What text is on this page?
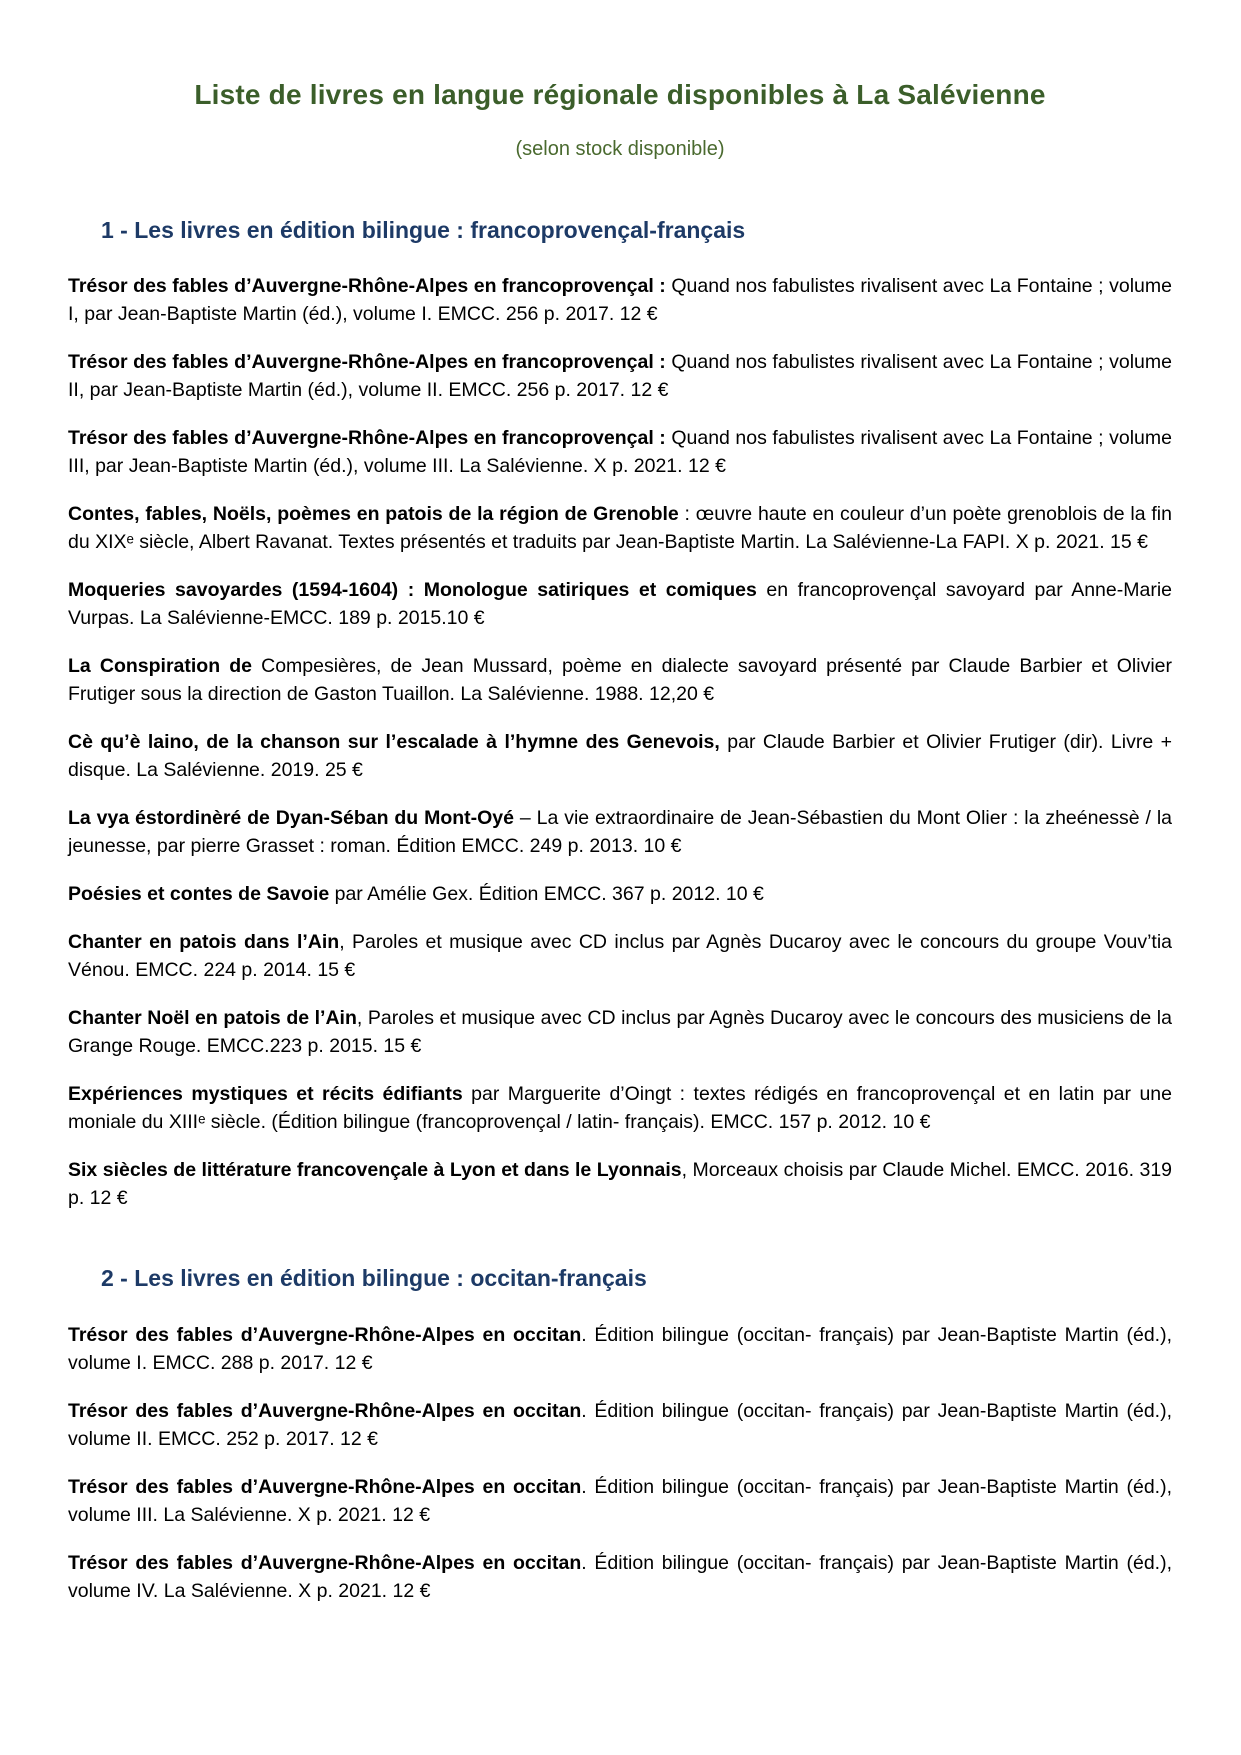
Liste de livres en langue régionale disponibles à La Salévienne
(selon stock disponible)
1 - Les livres en édition bilingue : francoprovençal-français

Trésor des fables d’Auvergne-Rhône-Alpes en francoprovençal : Quand nos fabulistes rivalisent avec La Fontaine ; volume I, par Jean-Baptiste Martin (éd.), volume I. EMCC. 256 p. 2017. 12 €

Trésor des fables d’Auvergne-Rhône-Alpes en francoprovençal : Quand nos fabulistes rivalisent avec La Fontaine ; volume II, par Jean-Baptiste Martin (éd.), volume II. EMCC. 256 p. 2017. 12 €

Trésor des fables d’Auvergne-Rhône-Alpes en francoprovençal : Quand nos fabulistes rivalisent avec La Fontaine ; volume III, par Jean-Baptiste Martin (éd.), volume III. La Salévienne. X p. 2021. 12 €

Contes, fables, Noëls, poèmes en patois de la région de Grenoble : œuvre haute en couleur d’un poète grenoblois de la fin du XIXᵉ siècle, Albert Ravanat. Textes présentés et traduits par Jean-Baptiste Martin. La Salévienne-La FAPI. X p. 2021. 15 €

Moqueries savoyardes (1594-1604) : Monologue satiriques et comiques en francoprovençal savoyard par Anne-Marie Vurpas. La Salévienne-EMCC. 189 p. 2015.10 €

La Conspiration de Compesières, de Jean Mussard, poème en dialecte savoyard présenté par Claude Barbier et Olivier Frutiger sous la direction de Gaston Tuaillon. La Salévienne. 1988. 12,20 €

Cè qu’è laino, de la chanson sur l’escalade à l’hymne des Genevois, par Claude Barbier et Olivier Frutiger (dir). Livre + disque. La Salévienne. 2019. 25 €

La vya éstordinèré de Dyan-Séban du Mont-Oyé – La vie extraordinaire de Jean-Sébastien du Mont Olier : la zheénessè / la jeunesse, par pierre Grasset : roman. Édition EMCC. 249 p. 2013. 10 €

Poésies et contes de Savoie par Amélie Gex. Édition EMCC. 367 p. 2012. 10 €

Chanter en patois dans l’Ain, Paroles et musique avec CD inclus par Agnès Ducaroy avec le concours du groupe Vouv’tia Vénou. EMCC. 224 p. 2014. 15 €

Chanter Noël en patois de l’Ain, Paroles et musique avec CD inclus par Agnès Ducaroy avec le concours des musiciens de la Grange Rouge. EMCC.223 p. 2015. 15 €

Expériences mystiques et récits édifiants par Marguerite d’Oingt : textes rédigés en francoprovençal et en latin par une moniale du XIIIᵉ siècle. (Édition bilingue (francoprovençal / latin- français). EMCC. 157 p. 2012. 10 €

Six siècles de littérature francovençale à Lyon et dans le Lyonnais, Morceaux choisis par Claude Michel. EMCC. 2016. 319 p. 12 €

2 - Les livres en édition bilingue : occitan-français

Trésor des fables d’Auvergne-Rhône-Alpes en occitan. Édition bilingue (occitan- français) par Jean-Baptiste Martin (éd.), volume I. EMCC. 288 p. 2017. 12 €

Trésor des fables d’Auvergne-Rhône-Alpes en occitan. Édition bilingue (occitan- français) par Jean-Baptiste Martin (éd.), volume II. EMCC. 252 p. 2017. 12 €

Trésor des fables d’Auvergne-Rhône-Alpes en occitan. Édition bilingue (occitan- français) par Jean-Baptiste Martin (éd.), volume III. La Salévienne. X p. 2021. 12 €

Trésor des fables d’Auvergne-Rhône-Alpes en occitan. Édition bilingue (occitan- français) par Jean-Baptiste Martin (éd.), volume IV. La Salévienne. X p. 2021. 12 €
